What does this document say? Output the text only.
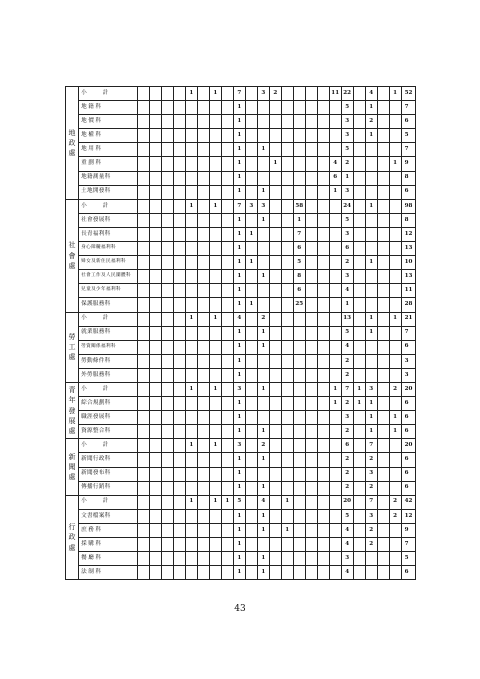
地政處	小　　計					1		1		7		3	2					11	22		4		1	52
	地籍科									1									5		1			7
	地價科									1									3		2			6
	地權科									1									3		1			5
	地用科									1		1							5					7
	重劃科									1			1					4	2				1	9
	地籍測量科									1								6	1					8
	土地開發科									1		1						1	3					6
社會處	小　　計					1		1		7	3	3			58				24		1			98
	社會發展科									1		1			1				5					8
	長青福利科									1	1				7				3					12
	身心障礙福利科									1					6				6					13
	婦女及新住民福利科									1	1				5				2		1			10
	社會工作及人民團體科									1		1			8				3					13
	兒童及少年福利科									1					6				4					11
	保護服務科									1	1				25				1					28
勞工處	小　　計					1		1		4		2							13		1		1	21
	就業服務科									1		1							5		1			7
	勞資關係福利科									1		1							4					6
	勞動條件科									1									2					3
	外勞服務科									1									2					3
青年發展處	小　　計					1		1		3		1						1	7	1	3		2	20
	綜合規劃科									1								1	2	1	1			6
	職涯發展科									1									3		1		1	6
	資源整合科									1		1							2		1		1	6
新聞處	小　　計					1		1		3		2							6		7			20
	新聞行政科									1		1							2		2			6
	新聞發布科									1									2		3			6
	傳播行銷科									1		1							2		2			6
行政處	小　　計					1		1	1	5		4		1					20		7		2	42
	文書檔案科									1		1							5		3		2	12
	庶務科									1		1		1					4		2			9
	採購科									1									4		2			7
	餐廳科									1		1							3					5
	法制科									1		1							4					6
43
